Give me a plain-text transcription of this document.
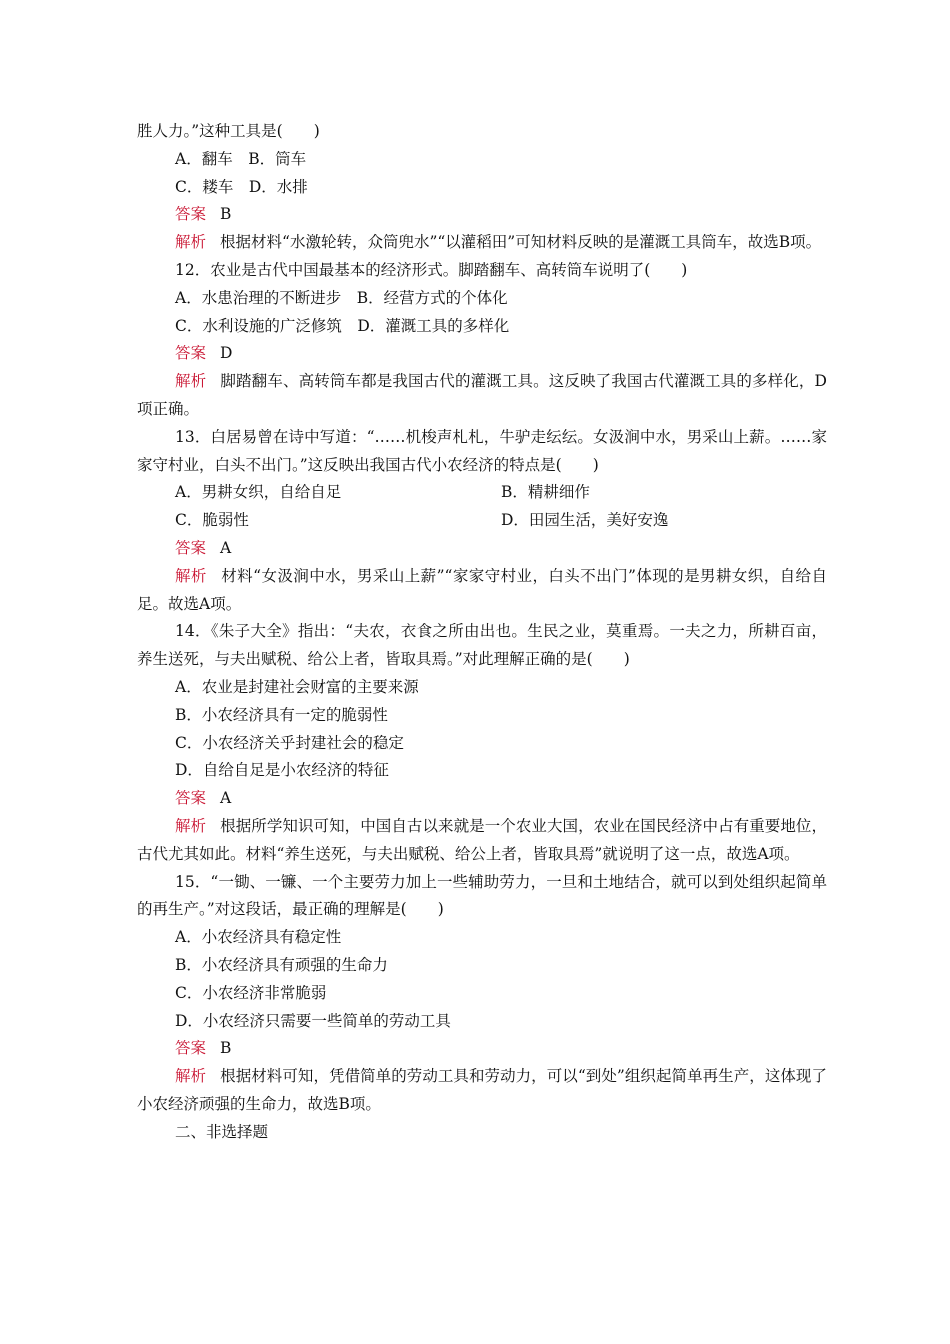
胜人力。”这种工具是(　　)
A．翻车　B．筒车
C．耧车　D．水排
答案 B
解析 根据材料“水激轮转，众筒兜水”“以灌稻田”可知材料反映的是灌溉工具筒车，故选B项。
12．农业是古代中国最基本的经济形式。脚踏翻车、高转筒车说明了(　　)
A．水患治理的不断进步　B．经营方式的个体化
C．水利设施的广泛修筑　D．灌溉工具的多样化
答案 D
解析 脚踏翻车、高转筒车都是我国古代的灌溉工具。这反映了我国古代灌溉工具的多样化，D项正确。
13．白居易曾在诗中写道：“……机梭声札札，牛驴走纭纭。女汲涧中水，男采山上薪。……家家守村业，白头不出门。”这反映出我国古代小农经济的特点是(　　)
A．男耕女织，自给自足	B．精耕细作
C．脆弱性	D．田园生活，美好安逸
答案 A
解析 材料“女汲涧中水，男采山上薪”“家家守村业，白头不出门”体现的是男耕女织，自给自足。故选A项。
14．《朱子大全》指出：“夫农，衣食之所由出也。生民之业，莫重焉。一夫之力，所耕百亩，养生送死，与夫出赋税、给公上者，皆取具焉。”对此理解正确的是(　　)
A．农业是封建社会财富的主要来源
B．小农经济具有一定的脆弱性
C．小农经济关乎封建社会的稳定
D．自给自足是小农经济的特征
答案 A
解析 根据所学知识可知，中国自古以来就是一个农业大国，农业在国民经济中占有重要地位，古代尤其如此。材料“养生送死，与夫出赋税、给公上者，皆取具焉”就说明了这一点，故选A项。
15．“一锄、一镰、一个主要劳力加上一些辅助劳力，一旦和土地结合，就可以到处组织起简单的再生产。”对这段话，最正确的理解是(　　)
A．小农经济具有稳定性
B．小农经济具有顽强的生命力
C．小农经济非常脆弱
D．小农经济只需要一些简单的劳动工具
答案 B
解析 根据材料可知，凭借简单的劳动工具和劳动力，可以“到处”组织起简单再生产，这体现了小农经济顽强的生命力，故选B项。
二、非选择题
